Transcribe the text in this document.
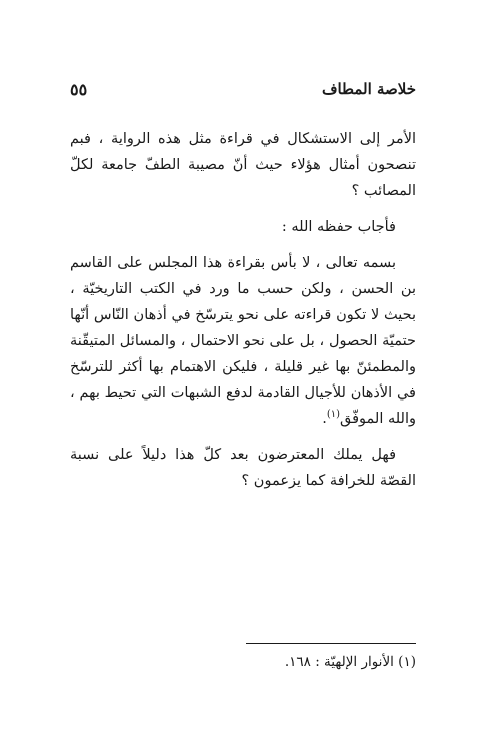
خلاصة المطاف
٥٥

الأمر إلى الاستشكال في قراءة مثل هذه الرواية ، فبم تنصحون أمثال هؤلاء حيث أنّ مصيبة الطفّ جامعة لكلّ المصائب ؟

فأجاب حفظه الله :

بسمه تعالى ، لا بأس بقراءة هذا المجلس على القاسم بن الحسن ، ولكن حسب ما ورد في الكتب التاريخيّة ، بحيث لا تكون قراءته على نحو يترسّخ في أذهان النّاس أنّها حتميّة الحصول ، بل على نحو الاحتمال ، والمسائل المتيقّنة والمطمئنّ بها غير قليلة ، فليكن الاهتمام بها أكثر للترسّخ في الأذهان للأجيال القادمة لدفع الشبهات التي تحيط بهم ، والله الموفّق$^{(١)}$.

فهل يملك المعترضون بعد كلّ هذا دليلاً على نسبة القصّة للخرافة كما يزعمون ؟

(١) الأنوار الإلهيّة : ١٦٨.
